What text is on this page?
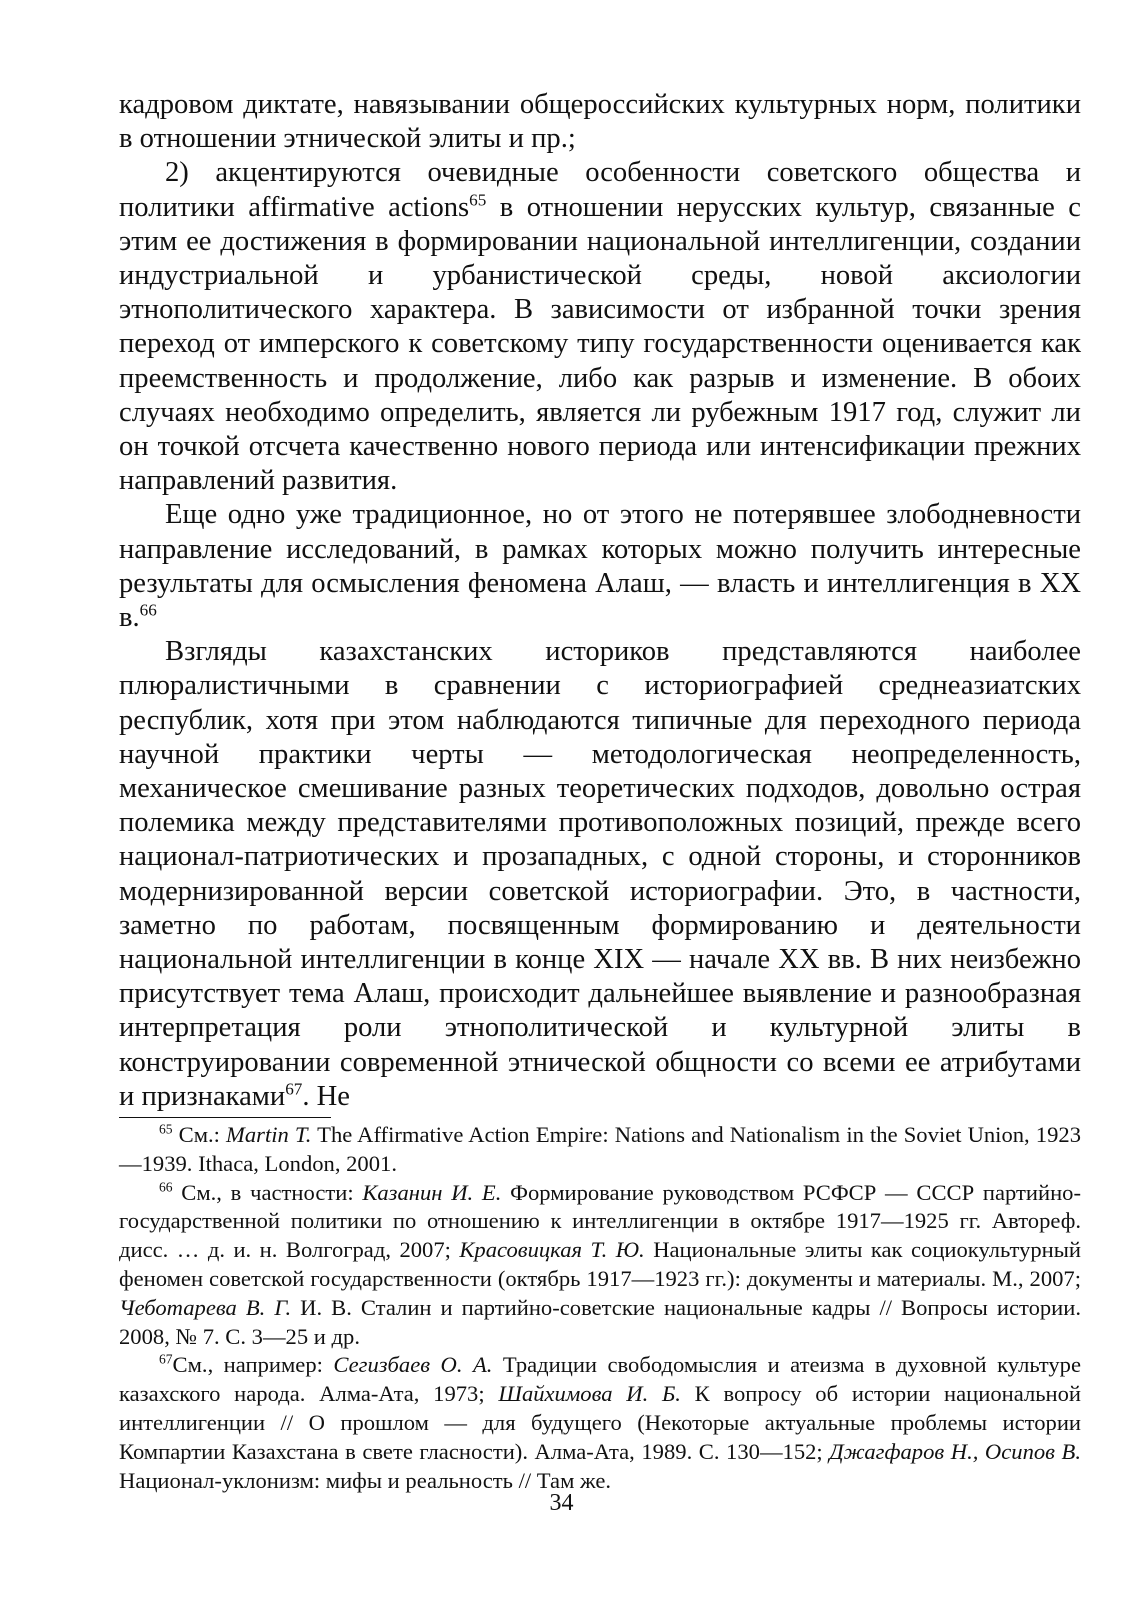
кадровом диктате, навязывании общероссийских культурных норм, политики в отношении этнической элиты и пр.;

2) акцентируются очевидные особенности советского общества и политики affirmative actions$^{65}$ в отношении нерусских культур, связанные с этим ее достижения в формировании национальной интеллигенции, создании индустриальной и урбанистической среды, новой аксиологии этнополитического характера. В зависимости от избранной точки зрения переход от имперского к советскому типу государственности оценивается как преемственность и продолжение, либо как разрыв и изменение. В обоих случаях необходимо определить, является ли рубежным 1917 год, служит ли он точкой отсчета качественно нового периода или интенсификации прежних направлений развития.

Еще одно уже традиционное, но от этого не потерявшее злободневности направление исследований, в рамках которых можно получить интересные результаты для осмысления феномена Алаш, — власть и интеллигенция в XX в.$^{66}$

Взгляды казахстанских историков представляются наиболее плюралистичными в сравнении с историографией среднеазиатских республик, хотя при этом наблюдаются типичные для переходного периода научной практики черты — методологическая неопределенность, механическое смешивание разных теоретических подходов, довольно острая полемика между представителями противоположных позиций, прежде всего национал-патриотических и прозападных, с одной стороны, и сторонников модернизированной версии советской историографии. Это, в частности, заметно по работам, посвященным формированию и деятельности национальной интеллигенции в конце XIX — начале XX вв. В них неизбежно присутствует тема Алаш, происходит дальнейшее выявление и разнообразная интерпретация роли этнополитической и культурной элиты в конструировании современной этнической общности со всеми ее атрибутами и признаками$^{67}$. Не

$^{65}$ См.: Martin T. The Affirmative Action Empire: Nations and Nationalism in the Soviet Union, 1923—1939. Ithaca, London, 2001.

$^{66}$ См., в частности: Казанин И. Е. Формирование руководством РСФСР — СССР партийно-государственной политики по отношению к интеллигенции в октябре 1917—1925 гг. Автореф. дисс. … д. и. н. Волгоград, 2007; Красовицкая Т. Ю. Национальные элиты как социокультурный феномен советской государственности (октябрь 1917—1923 гг.): документы и материалы. М., 2007; Чеботарева В. Г. И. В. Сталин и партийно-советские национальные кадры // Вопросы истории. 2008, № 7. С. 3—25 и др.

$^{67}$См., например: Сегизбаев О. А. Традиции свободомыслия и атеизма в духовной культуре казахского народа. Алма-Ата, 1973; Шайхимова И. Б. К вопросу об истории национальной интеллигенции // О прошлом — для будущего (Некоторые актуальные проблемы истории Компартии Казахстана в свете гласности). Алма-Ата, 1989. С. 130—152; Джагфаров Н., Осипов В. Национал-уклонизм: мифы и реальность // Там же.

34
